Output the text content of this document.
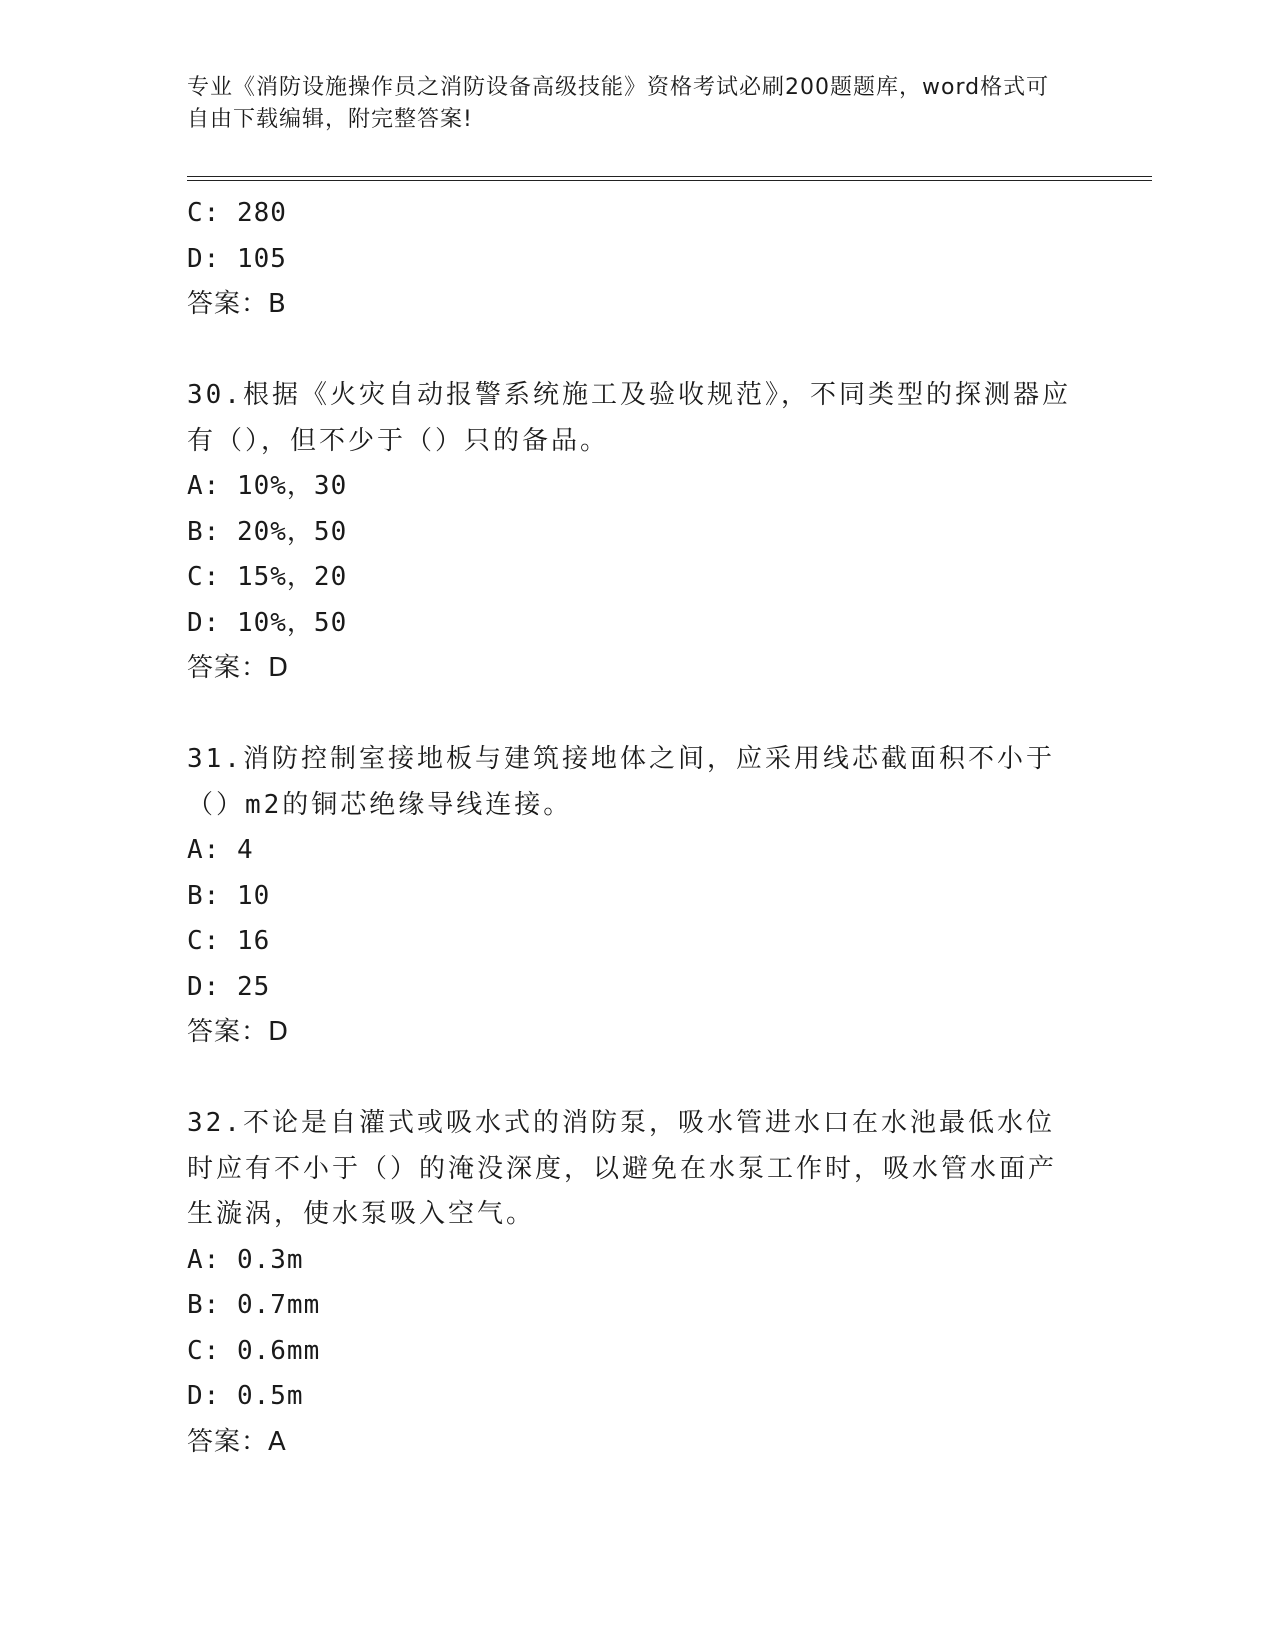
专业《消防设施操作员之消防设备高级技能》资格考试必刷200题题库，word格式可自由下载编辑，附完整答案!
C: 280
D: 105
答案：B
30.根据《火灾自动报警系统施工及验收规范》，不同类型的探测器应有（），但不少于（）只的备品。
A: 10%，30
B: 20%，50
C: 15%，20
D: 10%，50
答案：D
31.消防控制室接地板与建筑接地体之间，应采用线芯截面积不小于（）m2的铜芯绝缘导线连接。
A: 4
B: 10
C: 16
D: 25
答案：D
32.不论是自灌式或吸水式的消防泵，吸水管进水口在水池最低水位时应有不小于（）的淹没深度，以避免在水泵工作时，吸水管水面产生漩涡，使水泵吸入空气。
A: 0.3m
B: 0.7mm
C: 0.6mm
D: 0.5m
答案：A
